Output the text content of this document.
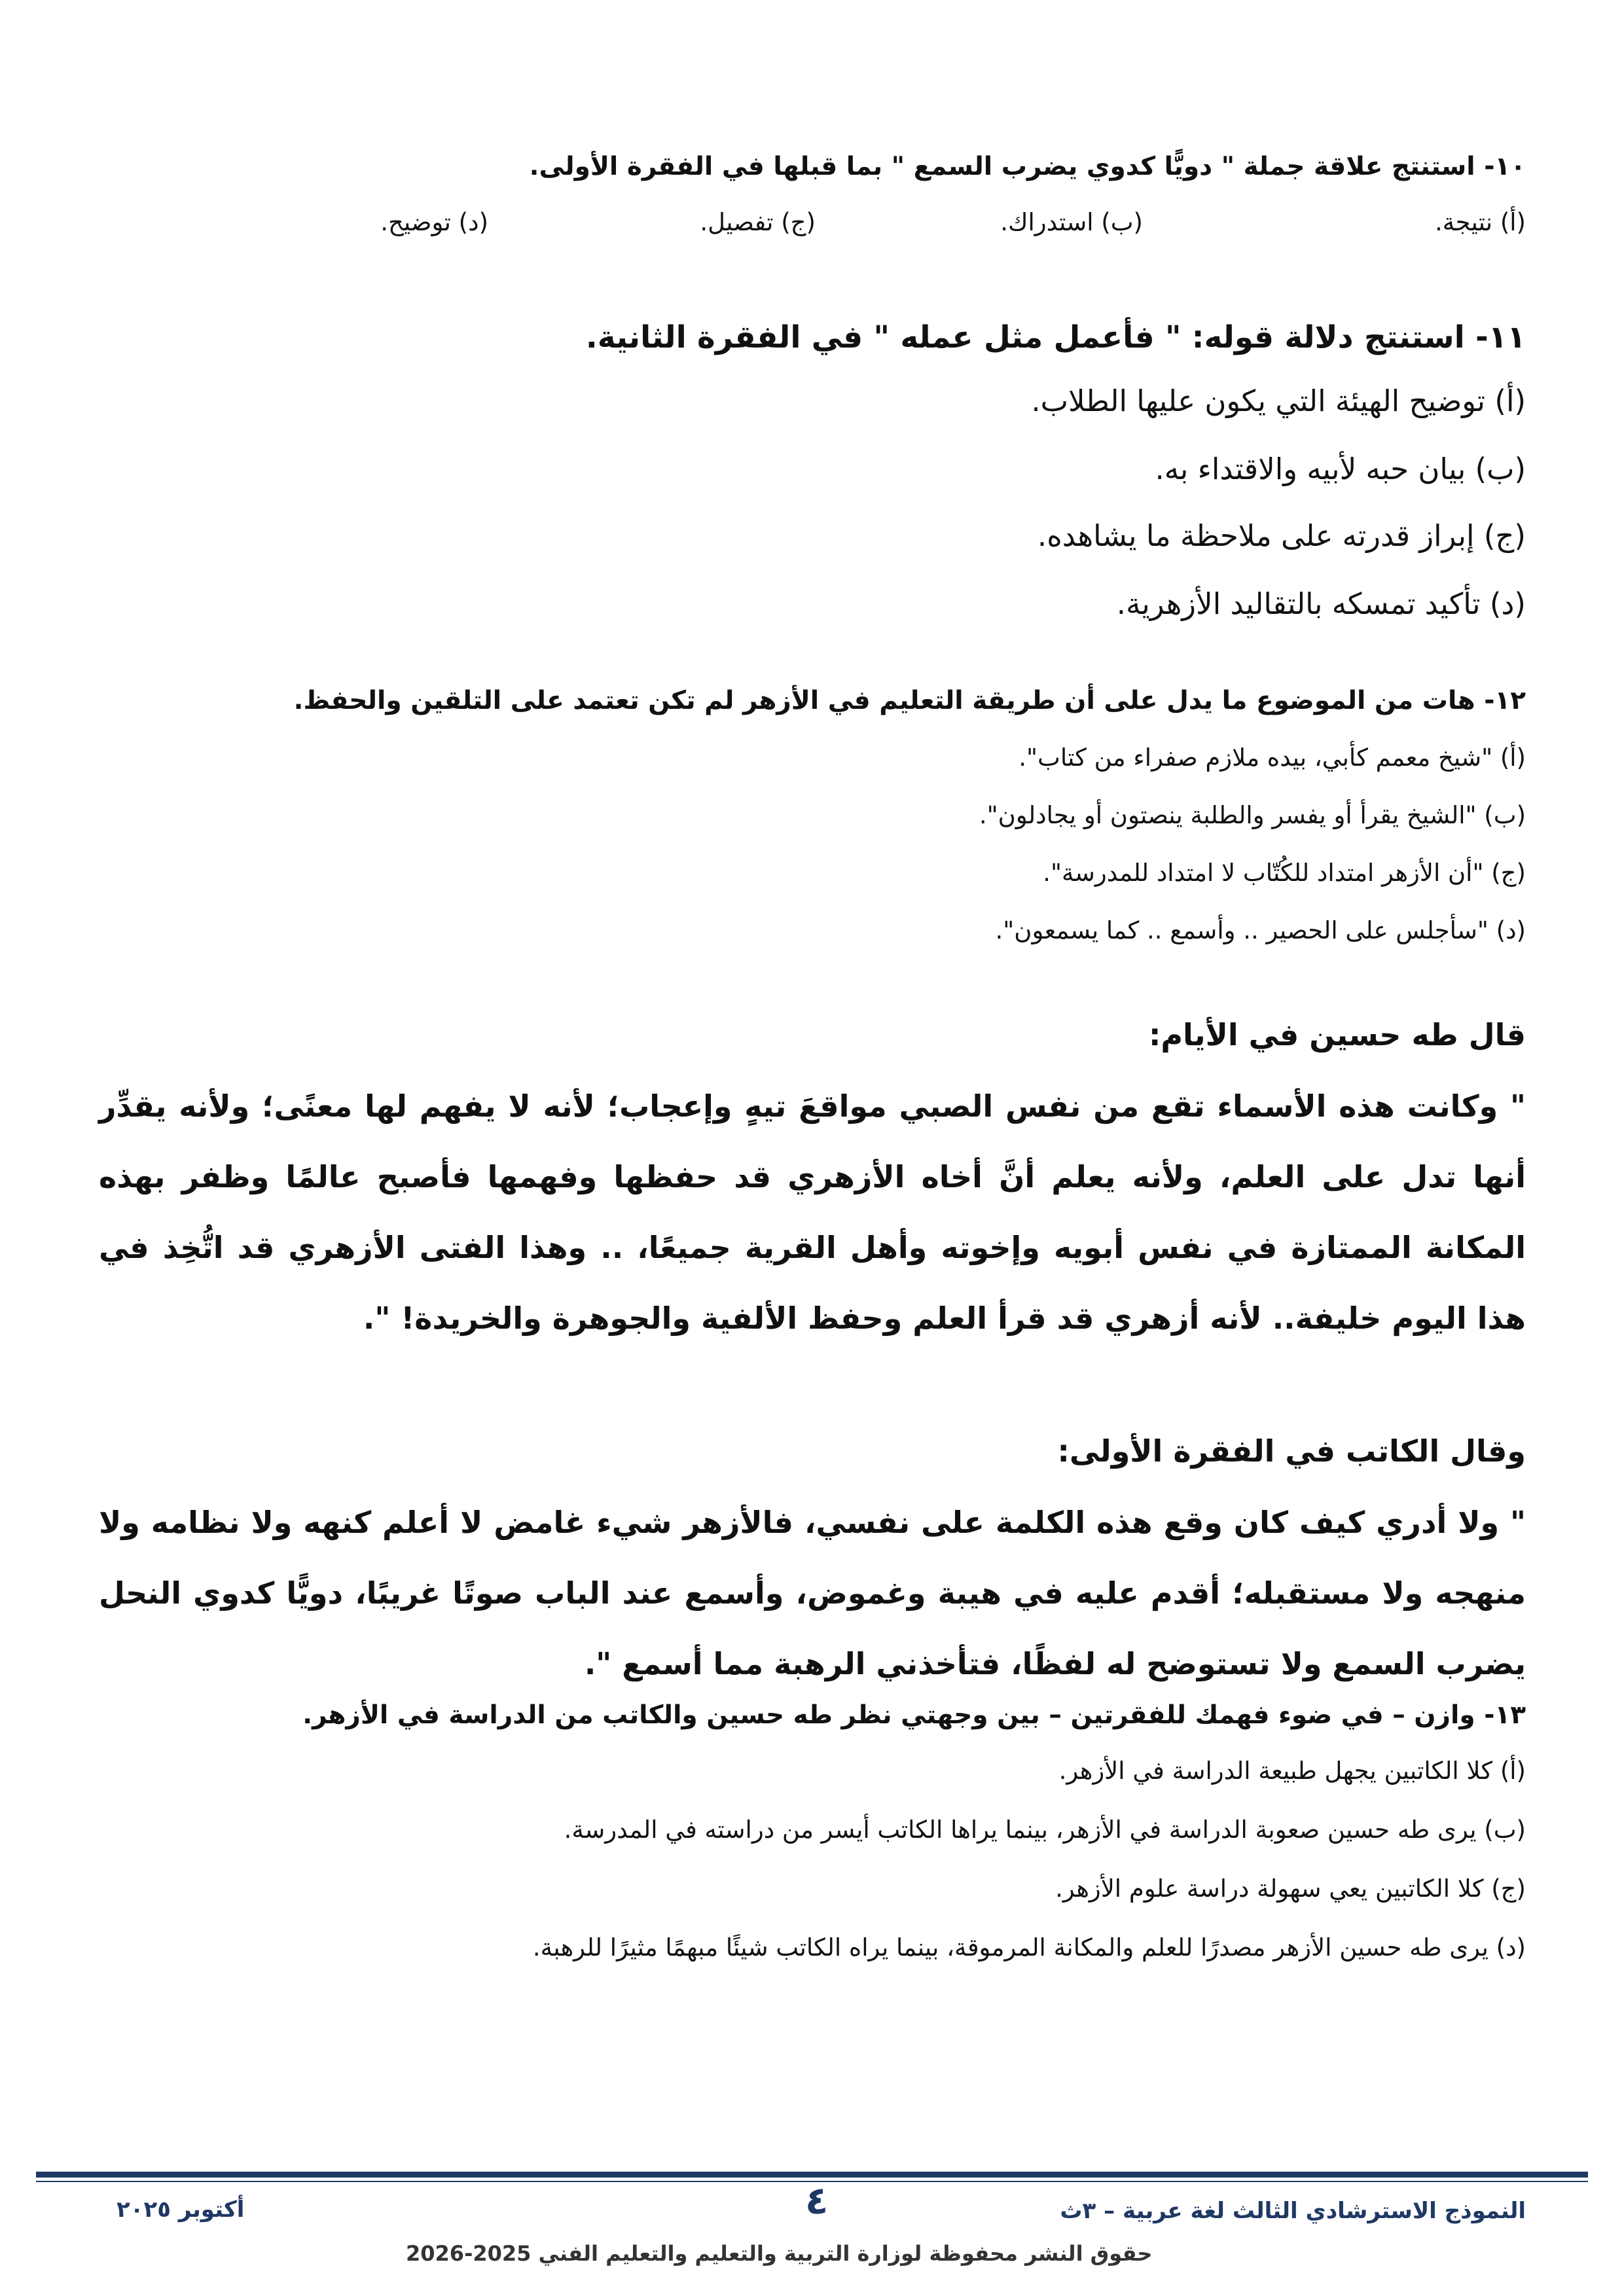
١٠- استنتج علاقة جملة " دويًّا كدوي يضرب السمع " بما قبلها في الفقرة الأولى.
(أ) نتيجة.
(ب) استدراك.
(ج) تفصيل.
(د) توضيح.
١١- استنتج دلالة قوله: " فأعمل مثل عمله " في الفقرة الثانية.
(أ) توضيح الهيئة التي يكون عليها الطلاب.
(ب) بيان حبه لأبيه والاقتداء به.
(ج) إبراز قدرته على ملاحظة ما يشاهده.
(د) تأكيد تمسكه بالتقاليد الأزهرية.
١٢- هات من الموضوع ما يدل على أن طريقة التعليم في الأزهر لم تكن تعتمد على التلقين والحفظ.
(أ) "شيخ معمم كأبي، بيده ملازم صفراء من كتاب".
(ب) "الشيخ يقرأ أو يفسر والطلبة ينصتون أو يجادلون".
(ج) "أن الأزهر امتداد للكُتّاب لا امتداد للمدرسة".
(د) "سأجلس على الحصير .. وأسمع .. كما يسمعون".
قال طه حسين في الأيام:
" وكانت هذه الأسماء تقع من نفس الصبي مواقعَ تيهٍ وإعجاب؛ لأنه لا يفهم لها معنًى؛ ولأنه يقدِّر أنها تدل على العلم، ولأنه يعلم أنَّ أخاه الأزهري قد حفظها وفهمها فأصبح عالمًا وظفر بهذه المكانة الممتازة في نفس أبويه وإخوته وأهل القرية جميعًا، .. وهذا الفتى الأزهري قد اتُّخِذ في هذا اليوم خليفة.. لأنه أزهري قد قرأ العلم وحفظ الألفية والجوهرة والخريدة! ".
وقال الكاتب في الفقرة الأولى:
" ولا أدري كيف كان وقع هذه الكلمة على نفسي، فالأزهر شيء غامض لا أعلم كنهه ولا نظامه ولا منهجه ولا مستقبله؛ أقدم عليه في هيبة وغموض، وأسمع عند الباب صوتًا غريبًا، دويًّا كدوي النحل يضرب السمع ولا تستوضح له لفظًا، فتأخذني الرهبة مما أسمع ".
١٣- وازن – في ضوء فهمك للفقرتين – بين وجهتي نظر طه حسين والكاتب من الدراسة في الأزهر.
(أ) كلا الكاتبين يجهل طبيعة الدراسة في الأزهر.
(ب) يرى طه حسين صعوبة الدراسة في الأزهر، بينما يراها الكاتب أيسر من دراسته في المدرسة.
(ج) كلا الكاتبين يعي سهولة دراسة علوم الأزهر.
(د) يرى طه حسين الأزهر مصدرًا للعلم والمكانة المرموقة، بينما يراه الكاتب شيئًا مبهمًا مثيرًا للرهبة.
النموذج الاسترشادي الثالث لغة عربية – ٣ث
٤
أكتوبر ٢٠٢٥
حقوق النشر محفوظة لوزارة التربية والتعليم والتعليم الفني 2025-2026
